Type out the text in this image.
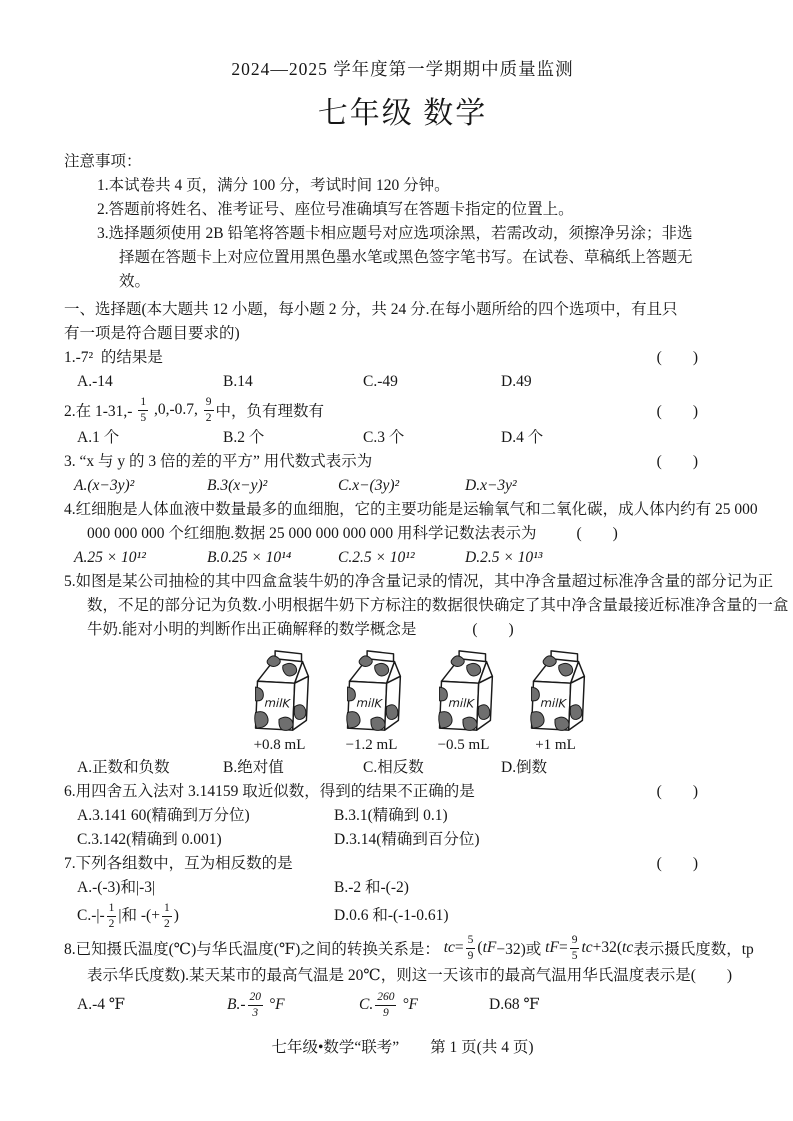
2024—2025 学年度第一学期期中质量监测
七年级 数学
注意事项：
1.本试卷共 4 页，满分 100 分，考试时间 120 分钟。
2.答题前将姓名、准考证号、座位号准确填写在答题卡指定的位置上。
3.选择题须使用 2B 铅笔将答题卡相应题号对应选项涂黑，若需改动，须擦净另涂；非选
择题在答题卡上对应位置用黑色墨水笔或黑色签字笔书写。在试卷、草稿纸上答题无
效。
一、选择题(本大题共 12 小题，每小题 2 分，共 24 分.在每小题所给的四个选项中，有且只
有一项是符合题目要求的)
1.-7²  的结果是	(　　)
A.-14	B.14	C.-49	D.49
2.在 $1-31,- \frac{1}{5} ,0,-0.7$, $\frac{9}{2}$ 中，负有理数有	(　　)
A.1 个	B.2 个	C.3 个	D.4 个
3. “x 与 y 的 3 倍的差的平方” 用代数式表示为	(　　)
A.(x−3y)²	B.3(x−y)²	C.x−(3y)²	D.x−3y²
4.红细胞是人体血液中数量最多的血细胞，它的主要功能是运输氧气和二氧化碳，成人体内约有 25 000
000 000 000 个红细胞.数据 25 000 000 000 000 用科学记数法表示为	(　　)
A.25 × 10¹²	B.0.25 × 10¹⁴	C.2.5 × 10¹²	D.2.5 × 10¹³
5.如图是某公司抽检的其中四盒盒装牛奶的净含量记录的情况，其中净含量超过标准净含量的部分记为正
数，不足的部分记为负数.小明根据牛奶下方标注的数据很快确定了其中净含量最接近标准净含量的一盒
牛奶.能对小明的判断作出正确解释的数学概念是	(　　)
+0.8 mL	−1.2 mL	−0.5 mL	+1 mL
A.正数和负数	B.绝对值	C.相反数	D.倒数
6.用四舍五入法对 3.14159 取近似数，得到的结果不正确的是	(　　)
A.3.141 60(精确到万分位)	B.3.1(精确到 0.1)
C.3.142(精确到 0.001)	D.3.14(精确到百分位)
7.下列各组数中，互为相反数的是	(　　)
A.-(-3)和|-3|	B.-2 和-(-2)
$C.-|- \frac{1}{2}$ |和 -(+ $\frac{1}{2}$ )	D.0.6 和-(-1-0.61)
8.已知摄氏温度(℃)与华氏温度(℉)之间的转换关系是： tc = $\frac{5}{9}$ ( tF −32)或 tF = $\frac{9}{5}$ tc +32( tc 表示摄氏度数，tp
表示华氏度数).某天某市的最高气温是 20℃，则这一天该市的最高气温用华氏温度表示是 (　　)
A.-4 ℉	$B.- \frac{20}{3} ^\circ F$	C. $\frac{260}{9} ^\circ F$	D.68 ℉
七年级•数学“联考”　　第 1 页(共 4 页)
